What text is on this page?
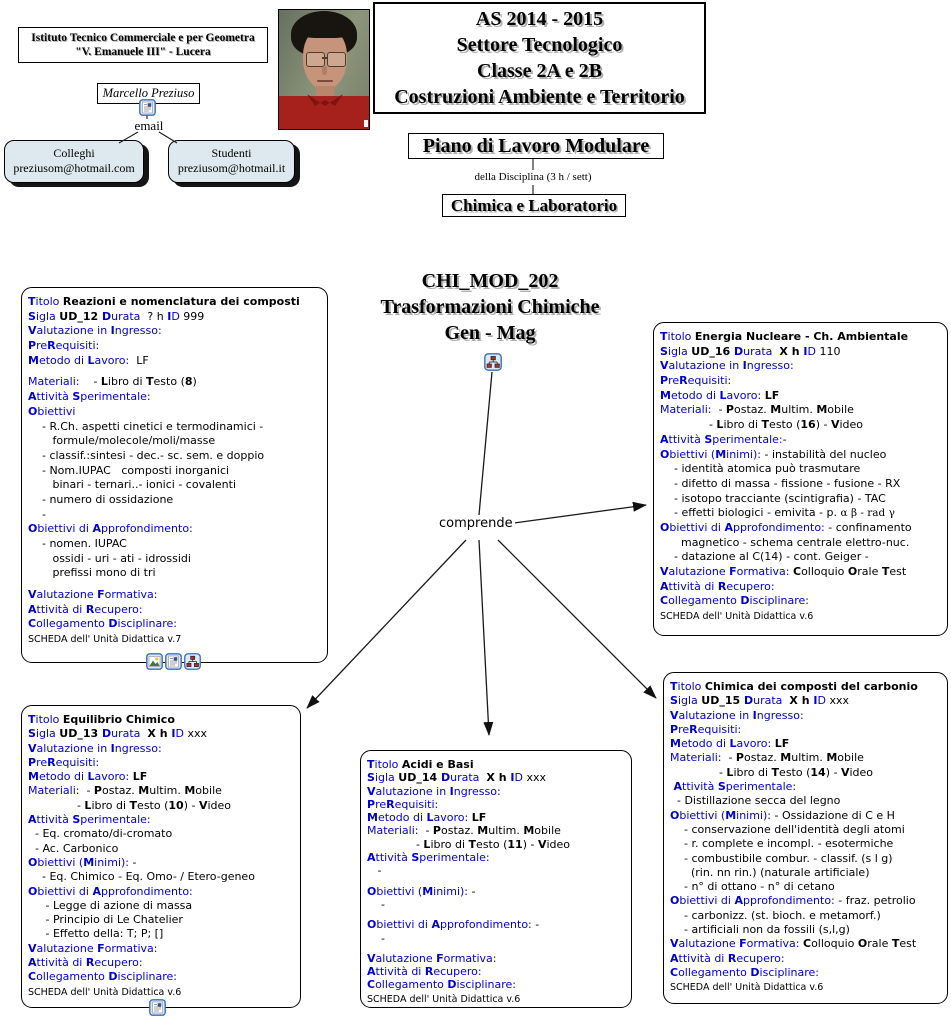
Istituto Tecnico Commerciale e per Geometra
"V. Emanuele III" - Lucera
AS 2014 - 2015
Settore Tecnologico
Classe 2A e 2B
Costruzioni Ambiente e Territorio
Marcello Preziuso
email
Colleghi
preziusom@hotmail.com
Studenti
preziusom@hotmail.it
Piano di Lavoro Modulare
della Disciplina (3 h / sett)
Chimica e Laboratorio
CHI_MOD_202
Trasformazioni Chimiche
Gen - Mag
comprende
Titolo Reazioni e nomenclatura dei composti
Sigla UD_12 Durata  ? h ID 999
Valutazione in Ingresso:
PreRequisiti:
Metodo di Lavoro:  LF
Materiali:    - Libro di Testo (8)
Attività Sperimentale:
Obiettivi
- R.Ch. aspetti cinetici e termodinamici -
formule/molecole/moli/masse
- classif.:sintesi - dec.- sc. sem. e doppio
- Nom.IUPAC   composti inorganici
binari - ternari..- ionici - covalenti
- numero di ossidazione
-
Obiettivi di Approfondimento:
- nomen. IUPAC
ossidi - uri - ati - idrossidi
prefissi mono di tri
Valutazione Formativa:
Attività di Recupero:
Collegamento Disciplinare:
SCHEDA dell' Unità Didattica v.7
Titolo Energia Nucleare - Ch. Ambientale
Sigla UD_16 Durata  X h ID 110
Valutazione in Ingresso:
PreRequisiti:
Metodo di Lavoro: LF
Materiali:  - Postaz. Multim. Mobile
- Libro di Testo (16) - Video
Attività Sperimentale:-
Obiettivi (Minimi): - instabilità del nucleo
- identità atomica può trasmutare
- difetto di massa - fissione - fusione - RX
- isotopo tracciante (scintigrafia) - TAC
- effetti biologici - emivita - p. α β - rad γ
Obiettivi di Approfondimento: - confinamento
magnetico - schema centrale elettro-nuc.
- datazione al C(14) - cont. Geiger -
Valutazione Formativa: Colloquio Orale Test
Attività di Recupero:
Collegamento Disciplinare:
SCHEDA dell' Unità Didattica v.6
Titolo Equilibrio Chimico
Sigla UD_13 Durata  X h ID xxx
Valutazione in Ingresso:
PreRequisiti:
Metodo di Lavoro: LF
Materiali:  - Postaz. Multim. Mobile
- Libro di Testo (10) - Video
Attività Sperimentale:
- Eq. cromato/di-cromato
- Ac. Carbonico
Obiettivi (Minimi): -
- Eq. Chimico - Eq. Omo- / Etero-geneo
Obiettivi di Approfondimento:
- Legge di azione di massa
- Principio di Le Chatelier
- Effetto della: T; P; []
Valutazione Formativa:
Attività di Recupero:
Collegamento Disciplinare:
SCHEDA dell' Unità Didattica v.6
Titolo Acidi e Basi
Sigla UD_14 Durata  X h ID xxx
Valutazione in Ingresso:
PreRequisiti:
Metodo di Lavoro: LF
Materiali:  - Postaz. Multim. Mobile
- Libro di Testo (11) - Video
Attività Sperimentale:
-
Obiettivi (Minimi): -
-
Obiettivi di Approfondimento: -
-
Valutazione Formativa:
Attività di Recupero:
Collegamento Disciplinare:
SCHEDA dell' Unità Didattica v.6
Titolo Chimica dei composti del carbonio
Sigla UD_15 Durata  X h ID xxx
Valutazione in Ingresso:
PreRequisiti:
Metodo di Lavoro: LF
Materiali:  - Postaz. Multim. Mobile
- Libro di Testo (14) - Video
Attività Sperimentale:
- Distillazione secca del legno
Obiettivi (Minimi): - Ossidazione di C e H
- conservazione dell'identità degli atomi
- r. complete e incompl. - esotermiche
- combustibile combur. - classif. (s l g)
(rin. nn rin.) (naturale artificiale)
- n° di ottano - n° di cetano
Obiettivi di Approfondimento: - fraz. petrolio
- carbonizz. (st. bioch. e metamorf.)
- artificiali non da fossili (s,l,g)
Valutazione Formativa: Colloquio Orale Test
Attività di Recupero:
Collegamento Disciplinare:
SCHEDA dell' Unità Didattica v.6
